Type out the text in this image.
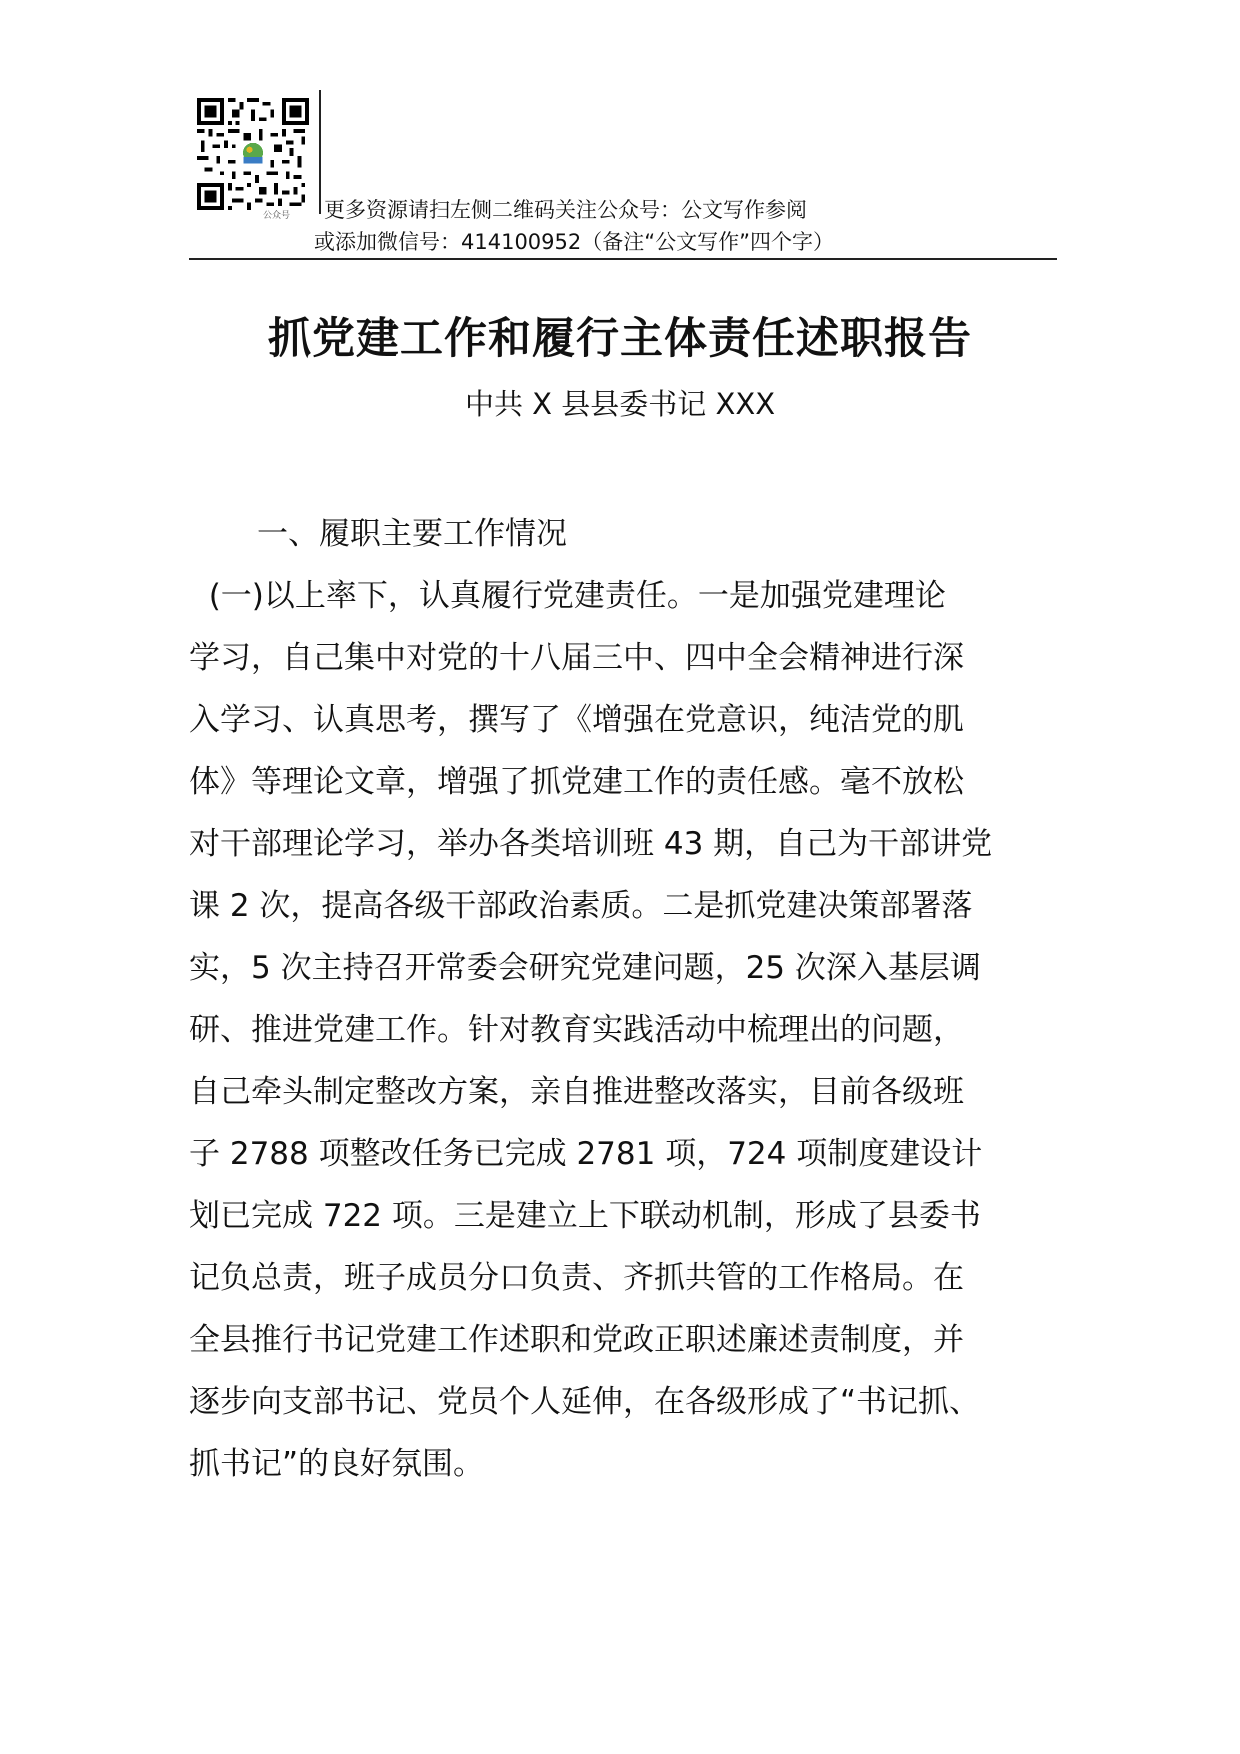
公众号 更多资源请扫左侧二维码关注公众号：公文写作参阅
或添加微信号：414100952（备注“公文写作”四个字）
抓党建工作和履行主体责任述职报告
中共 X 县县委书记 XXX
一、履职主要工作情况
(一)以上率下，认真履行党建责任。一是加强党建理论
学习，自己集中对党的十八届三中、四中全会精神进行深
入学习、认真思考，撰写了《增强在党意识，纯洁党的肌
体》等理论文章，增强了抓党建工作的责任感。毫不放松
对干部理论学习，举办各类培训班 43 期，自己为干部讲党
课 2 次，提高各级干部政治素质。二是抓党建决策部署落
实，5 次主持召开常委会研究党建问题，25 次深入基层调
研、推进党建工作。针对教育实践活动中梳理出的问题，
自己牵头制定整改方案，亲自推进整改落实，目前各级班
子 2788 项整改任务已完成 2781 项，724 项制度建设计
划已完成 722 项。三是建立上下联动机制，形成了县委书
记负总责，班子成员分口负责、齐抓共管的工作格局。在
全县推行书记党建工作述职和党政正职述廉述责制度，并
逐步向支部书记、党员个人延伸，在各级形成了“书记抓、
抓书记”的良好氛围。
